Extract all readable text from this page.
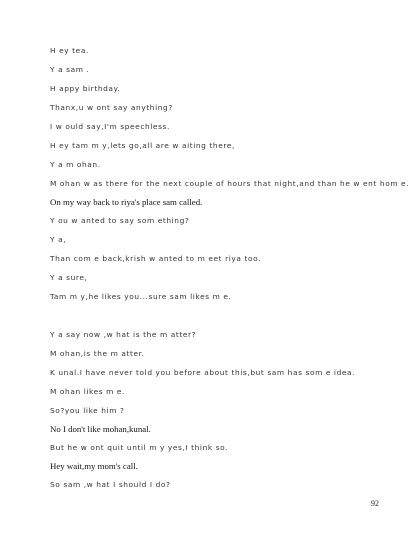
H ey tea.
Y a sam .
H appy birthday.
Thanx,u w ont say anything?
I w ould say,I'm speechless.
H ey tam m y,lets go,all are w aiting there,
Y a m ohan.
M ohan w as there for the next couple of hours that night,and than he w ent hom e.
On my way back to riya's place sam called.
Y ou w anted to say som ething?
Y a,
Than com e back,krish w anted to m eet riya too.
Y a sure,
Tam m y,he likes you...sure sam likes m e.
Y a say now ,w hat is the m atter?
M ohan,is the m atter.
K unal.I have never told you before about this,but sam has som e idea.
M ohan likes m e.
So?you like him ?
No I don't like mohan,kunal.
But he w ont quit until m y yes,I think so.
Hey wait,my mom's call.
So sam ,w hat I should I do?
92
